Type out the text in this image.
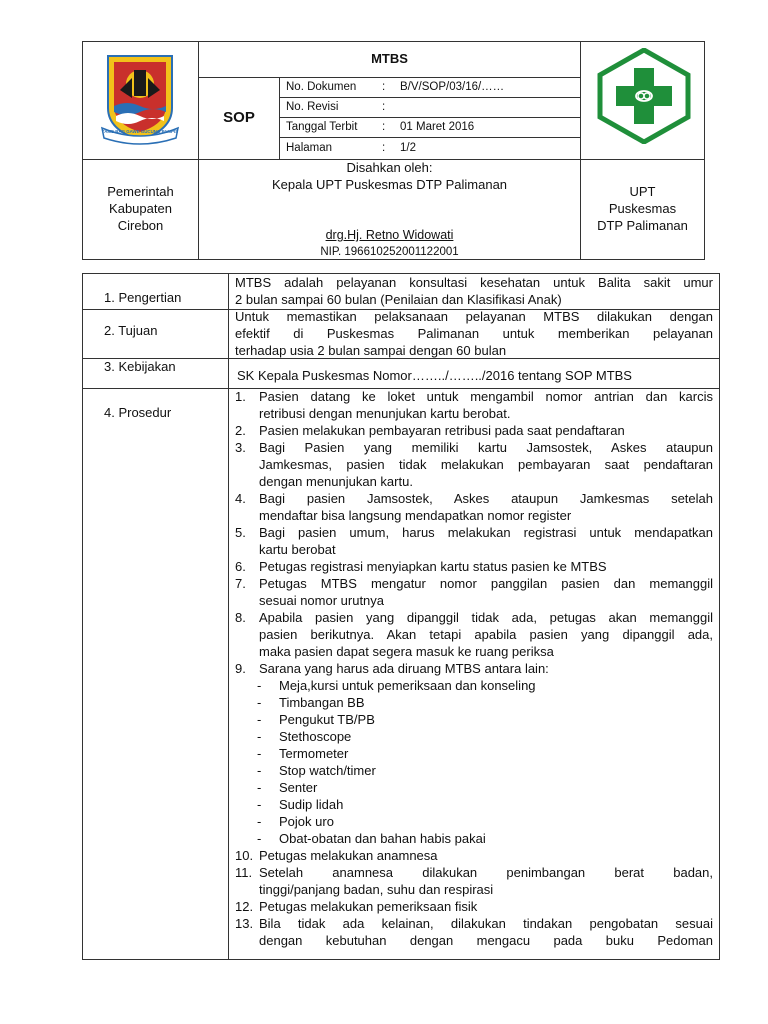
TAME RAG GAWE GUCUNG PAMPIS
MTBS
SOP
No. Dokumen : B/V/SOP/03/16/……
No. Revisi	:
Tanggal Terbit : 01 Maret 2016
Halaman	: 1/2
Pemerintah
Kabupaten
Cirebon
Disahkan oleh:
Kepala UPT Puskesmas DTP Palimanan
drg.Hj. Retno Widowati
NIP. 196610252001122001
UPT
Puskesmas
DTP Palimanan
1. Pengertian
2. Tujuan
3. Kebijakan
4. Prosedur
MTBS adalah pelayanan konsultasi kesehatan untuk Balita sakit umur
2 bulan sampai 60 bulan (Penilaian dan Klasifikasi Anak)
Untuk memastikan pelaksanaan pelayanan MTBS dilakukan dengan
efektif di Puskesmas Palimanan untuk memberikan pelayanan
terhadap usia 2 bulan sampai dengan 60 bulan
SK Kepala Puskesmas Nomor……../……../2016 tentang SOP MTBS
1. Pasien datang ke loket untuk mengambil nomor antrian dan karcis
retribusi dengan menunjukan kartu berobat.
2. Pasien melakukan pembayaran retribusi pada saat pendaftaran
3. Bagi Pasien yang memiliki kartu Jamsostek, Askes ataupun
Jamkesmas, pasien tidak melakukan pembayaran saat pendaftaran
dengan menunjukan kartu.
4. Bagi pasien Jamsostek, Askes ataupun Jamkesmas setelah
mendaftar bisa langsung mendapatkan nomor register
5. Bagi pasien umum, harus melakukan registrasi untuk mendapatkan
kartu berobat
6. Petugas registrasi menyiapkan kartu status pasien ke MTBS
7. Petugas MTBS mengatur nomor panggilan pasien dan memanggil
sesuai nomor urutnya
8. Apabila pasien yang dipanggil tidak ada, petugas akan memanggil
pasien berikutnya. Akan tetapi apabila pasien yang dipanggil ada,
maka pasien dapat segera masuk ke ruang periksa
9. Sarana yang harus ada diruang MTBS antara lain:
- Meja,kursi untuk pemeriksaan dan konseling
- Timbangan BB
- Pengukut TB/PB
- Stethoscope
- Termometer
- Stop watch/timer
- Senter
- Sudip lidah
- Pojok uro
- Obat-obatan dan bahan habis pakai
10. Petugas melakukan anamnesa
11. Setelah anamnesa dilakukan penimbangan berat badan,
tinggi/panjang badan, suhu dan respirasi
12. Petugas melakukan pemeriksaan fisik
13. Bila tidak ada kelainan, dilakukan tindakan pengobatan sesuai
dengan kebutuhan dengan mengacu pada buku Pedoman
